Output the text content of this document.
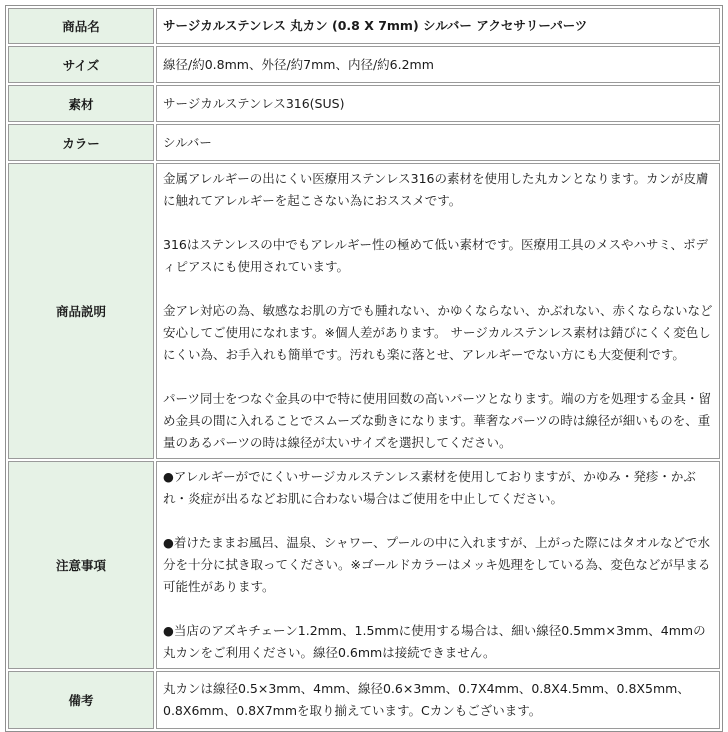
商品名	サージカルステンレス 丸カン (0.8 X 7mm) シルバー アクセサリーパーツ
サイズ	線径/約0.8mm、外径/約7mm、内径/約6.2mm
素材	サージカルステンレス316(SUS)
カラー	シルバー
商品説明	金属アレルギーの出にくい医療用ステンレス316の素材を使用した丸カンとなります。カンが皮膚に触れてアレルギーを起こさない為におススメです。

316はステンレスの中でもアレルギー性の極めて低い素材です。医療用工具のメスやハサミ、ボディピアスにも使用されています。

金アレ対応の為、敏感なお肌の方でも腫れない、かゆくならない、かぶれない、赤くならないなど安心してご使用になれます。※個人差があります。 サージカルステンレス素材は錆びにくく変色しにくい為、お手入れも簡単です。汚れも楽に落とせ、アレルギーでない方にも大変便利です。

パーツ同士をつなぐ金具の中で特に使用回数の高いパーツとなります。端の方を処理する金具・留め金具の間に入れることでスムーズな動きになります。華奢なパーツの時は線径が細いものを、重量のあるパーツの時は線径が太いサイズを選択してください。

注意事項	●アレルギーがでにくいサージカルステンレス素材を使用しておりますが、かゆみ・発疹・かぶれ・炎症が出るなどお肌に合わない場合はご使用を中止してください。

●着けたままお風呂、温泉、シャワー、プールの中に入れますが、上がった際にはタオルなどで水分を十分に拭き取ってください。※ゴールドカラーはメッキ処理をしている為、変色などが早まる可能性があります。

●当店のアズキチェーン1.2mm、1.5mmに使用する場合は、細い線径0.5mm×3mm、4mmの丸カンをご利用ください。線径0.6mmは接続できません。

備考	丸カンは線径0.5×3mm、4mm、線径0.6×3mm、0.7X4mm、0.8X4.5mm、0.8X5mm、0.8X6mm、0.8X7mmを取り揃えています。Cカンもございます。
